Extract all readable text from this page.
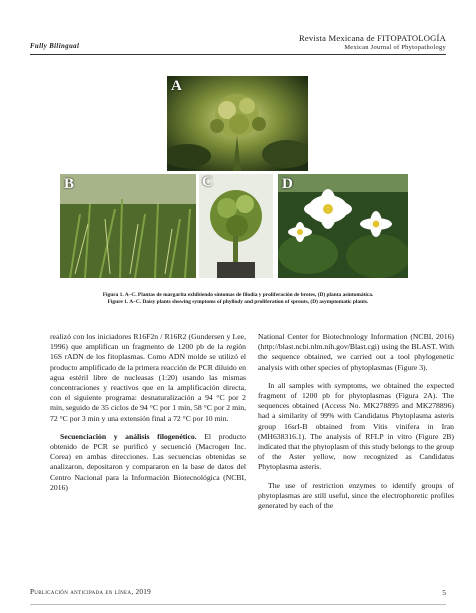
Fully Bilingual
Revista Mexicana de FITOPATOLOGÍA
Mexican Journal of Phytopathology
A
B	C	D
Figura 1. A–C. Plantas de margarita exhibiendo síntomas de filodia y proliferación de brotes, (D) planta asintomática.
Figure 1. A–C. Daisy plants showing symptoms of phyllody and proliferation of sprouts, (D) asymptomatic plants.

realizó con los iniciadores R16F2n / R16R2 (Gundersen y Lee, 1996) que amplifican un fragmento de 1200 pb de la región 16S rADN de los fitoplasmas. Como ADN molde se utilizó el producto amplificado de la primera reacción de PCR diluido en agua estéril libre de nucleasas (1:20) usando las mismas concentraciones y reactivos que en la amplificación directa, con el siguiente programa: desnaturalización a 94 °C por 2 min, seguido de 35 ciclos de 94 °C por 1 min, 58 °C por 2 min, 72 °C por 3 min y una extensión final a 72 °C por 10 min.

Secuenciación y análisis filogenético. El producto obtenido de PCR se purificó y secuenció (Macrogen Inc. Corea) en ambas direcciones. Las secuencias obtenidas se analizaron, depositaron y compararon en la base de datos del Centro Nacional para la Información Biotecnológica (NCBI, 2016)

National Center for Biotechnology Information (NCBI, 2016) (http://blast.ncbi.nlm.nih.gov/Blast.cgi) using the BLAST. With the sequence obtained, we carried out a tool phylogenetic analysis with other species of phytoplasmas (Figure 3).

In all samples with symptoms, we obtained the expected fragment of 1200 pb for phytoplasmas (Figura 2A). The sequences obtained (Access No. MK278895 and MK278896) had a similarity of 99% with Candidatus Phytoplasma asteris group 16srI-B obtained from Vitis vinifera in Iran (MH638316.1). The analysis of RFLP in vitro (Figure 2B) indicated that the phytoplasm of this study belongs to the group of the Aster yellow, now recognized as Candidatus Phytoplasma asteris.

The use of restriction enzymes to identify groups of phytoplasmas are still useful, since the electrophoretic profiles generated by each of the

Publicación anticipada en línea, 2019	5
